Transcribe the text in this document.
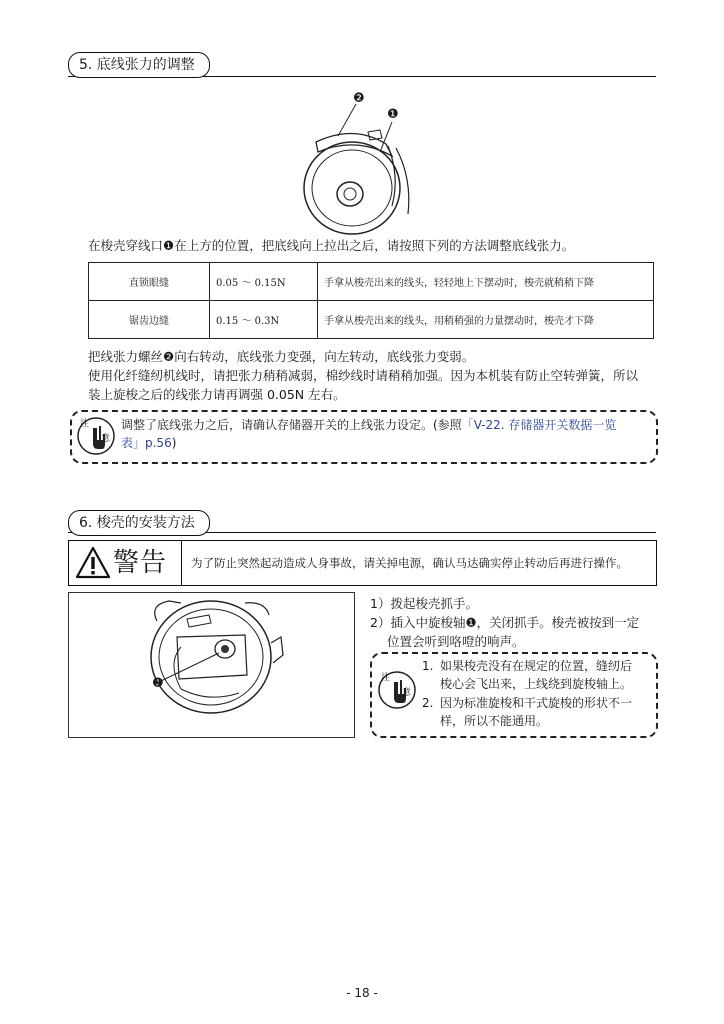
5. 底线张力的调整
❷
❶
在梭壳穿线口❶在上方的位置，把底线向上拉出之后，请按照下列的方法调整底线张力。
直锁眼缝	0.05 ～ 0.15N	手拿从梭壳出来的线头，轻轻地上下摆动时，梭壳就稍稍下降
锯齿边缝	0.15 ～ 0.3N	手拿从梭壳出来的线头，用稍稍强的力量摆动时，梭壳才下降
把线张力螺丝❷向右转动，底线张力变强，向左转动，底线张力变弱。
使用化纤缝纫机线时，请把张力稍稍减弱，棉纱线时请稍稍加强。因为本机装有防止空转弹簧，所以
装上旋梭之后的线张力请再调强 0.05N 左右。
注
意
调整了底线张力之后，请确认存储器开关的上线张力设定。(参照「V-22. 存储器开关数据一览
表」p.56)
6. 梭壳的安装方法
警告 为了防止突然起动造成人身事故，请关掉电源，确认马达确实停止转动后再进行操作。
❶
1）拨起梭壳抓手。
2）插入中旋梭轴❶，关闭抓手。梭壳被按到一定
位置会听到咯噔的响声。
注
意
1. 如果梭壳没有在规定的位置，缝纫后
梭心会飞出来，上线绕到旋梭轴上。
2. 因为标准旋梭和干式旋梭的形状不一
样，所以不能通用。
- 18 -
